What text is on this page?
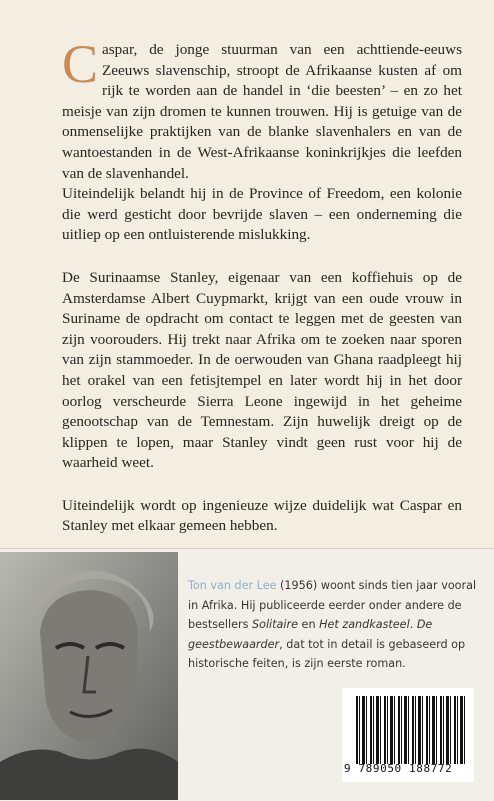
Caspar, de jonge stuurman van een achttiende-eeuws Zeeuws slavenschip, stroopt de Afrikaanse kusten af om rijk te worden aan de handel in ‘die beesten’ – en zo het meisje van zijn dromen te kunnen trouwen. Hij is getuige van de onmenselijke praktijken van de blanke slavenhalers en van de wantoestanden in de West-Afrikaanse koninkrijkjes die leefden van de slavenhandel.

Uiteindelijk belandt hij in de Province of Freedom, een kolonie die werd gesticht door bevrijde slaven – een onderneming die uitliep op een ontluisterende mislukking.

De Surinaamse Stanley, eigenaar van een koffiehuis op de Amsterdamse Albert Cuypmarkt, krijgt van een oude vrouw in Suriname de opdracht om contact te leggen met de geesten van zijn voorouders. Hij trekt naar Afrika om te zoeken naar sporen van zijn stammoeder. In de oerwouden van Ghana raadpleegt hij het orakel van een fetisjtempel en later wordt hij in het door oorlog verscheurde Sierra Leone ingewijd in het geheime genootschap van de Temnestam. Zijn huwelijk dreigt op de klippen te lopen, maar Stanley vindt geen rust voor hij de waarheid weet.

Uiteindelijk wordt op ingenieuze wijze duidelijk wat Caspar en Stanley met elkaar gemeen hebben.

Ton van der Lee (1956) woont sinds tien jaar vooral in Afrika. Hij publiceerde eerder onder andere de bestsellers Solitaire en Het zandkasteel. De geestbewaarder, dat tot in detail is gebaseerd op historische feiten, is zijn eerste roman.
9 789050 188772
